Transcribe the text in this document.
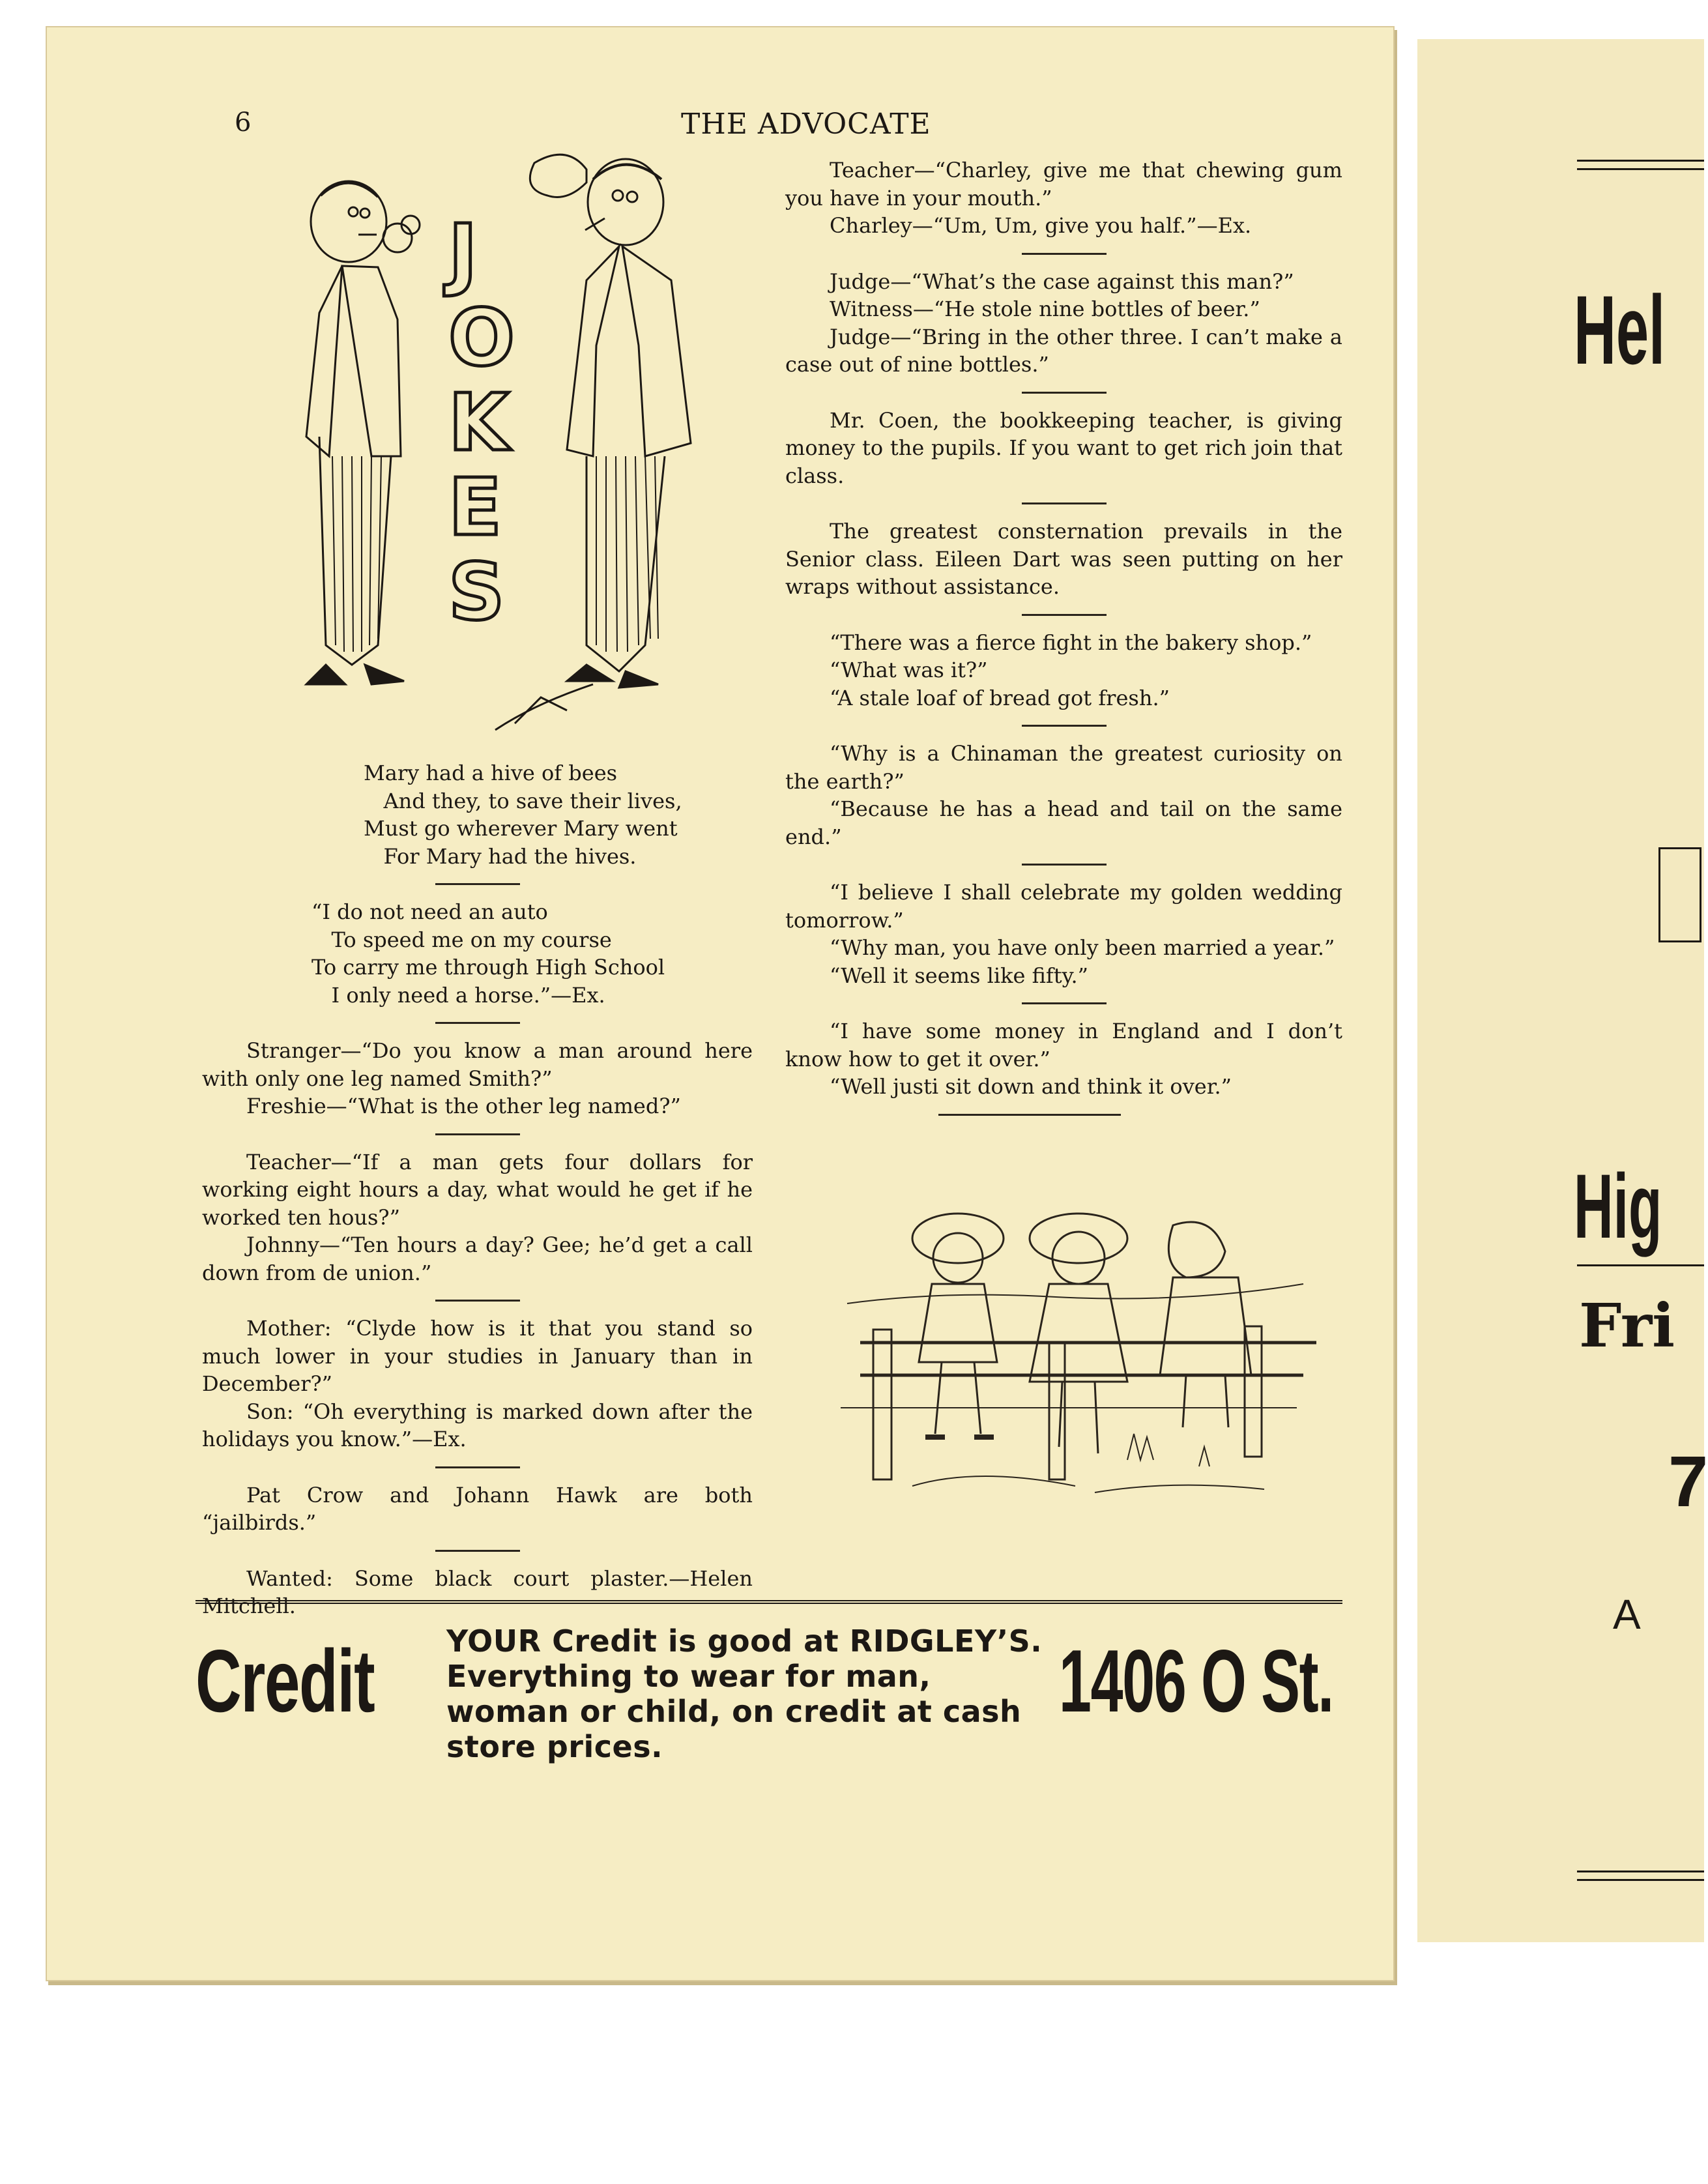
Hel
Hig
Fri
7
A
6	THE ADVOCATE
J
O
K
E
S

Mary had a hive of bees
And they, to save their lives,
Must go wherever Mary went
For Mary had the hives.

“I do not need an auto
To speed me on my course
To carry me through High School
I only need a horse.”—Ex.

Stranger—“Do you know a man around here with only one leg named Smith?”

Freshie—“What is the other leg named?”

Teacher—“If a man gets four dollars for working eight hours a day, what would he get if he worked ten hous?”

Johnny—“Ten hours a day? Gee; he’d get a call down from de union.”

Mother: “Clyde how is it that you stand so much lower in your studies in January than in December?”

Son: “Oh everything is marked down after the holidays you know.”—Ex.

Pat Crow and Johann Hawk are both “jailbirds.”

Wanted: Some black court plaster.—Helen Mitchell.

Teacher—“Charley, give me that chewing gum you have in your mouth.”

Charley—“Um, Um, give you half.”—Ex.

Judge—“What’s the case against this man?”

Witness—“He stole nine bottles of beer.”

Judge—“Bring in the other three. I can’t make a case out of nine bottles.”

Mr. Coen, the bookkeeping teacher, is giving money to the pupils. If you want to get rich join that class.

The greatest consternation prevails in the Senior class. Eileen Dart was seen putting on her wraps without assistance.

“There was a fierce fight in the bakery shop.”

“What was it?”

“A stale loaf of bread got fresh.”

“Why is a Chinaman the greatest curiosity on the earth?”

“Because he has a head and tail on the same end.”

“I believe I shall celebrate my golden wedding tomorrow.”

“Why man, you have only been married a year.”

“Well it seems like fifty.”

“I have some money in England and I don’t know how to get it over.”

“Well justi sit down and think it over.”

Credit YOUR Credit is good at RIDGLEY’S. Everything to wear for man, woman or child, on credit at cash store prices.
1406 O St.
